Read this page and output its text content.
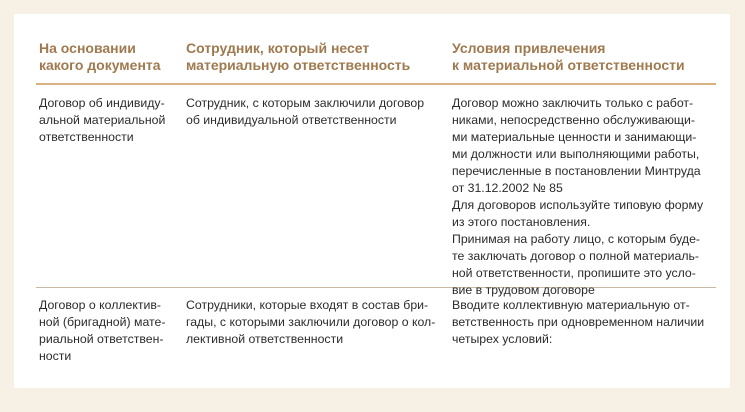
На основании
какого документа
Сотрудник, который несет
материальную ответственность
Условия привлечения
к материальной ответственности
Договор об индивиду-
альной материальной
ответственности
Сотрудник, с которым заключили договор
об индивидуальной ответственности
Договор можно заключить только с работ-
никами, непосредственно обслуживающи-
ми материальные ценности и занимающи-
ми должности или выполняющими работы,
перечисленные в постановлении Минтруда
от 31.12.2002 № 85
Для договоров используйте типовую форму
из этого постановления.
Принимая на работу лицо, с которым буде-
те заключать договор о полной материаль-
ной ответственности, пропишите это усло-
вие в трудовом договоре
Договор о коллектив-
ной (бригадной) мате-
риальной ответствен-
ности
Сотрудники, которые входят в состав бри-
гады, с которыми заключили договор о кол-
лективной ответственности
Вводите коллективную материальную от-
ветственность при одновременном наличии
четырех условий:
